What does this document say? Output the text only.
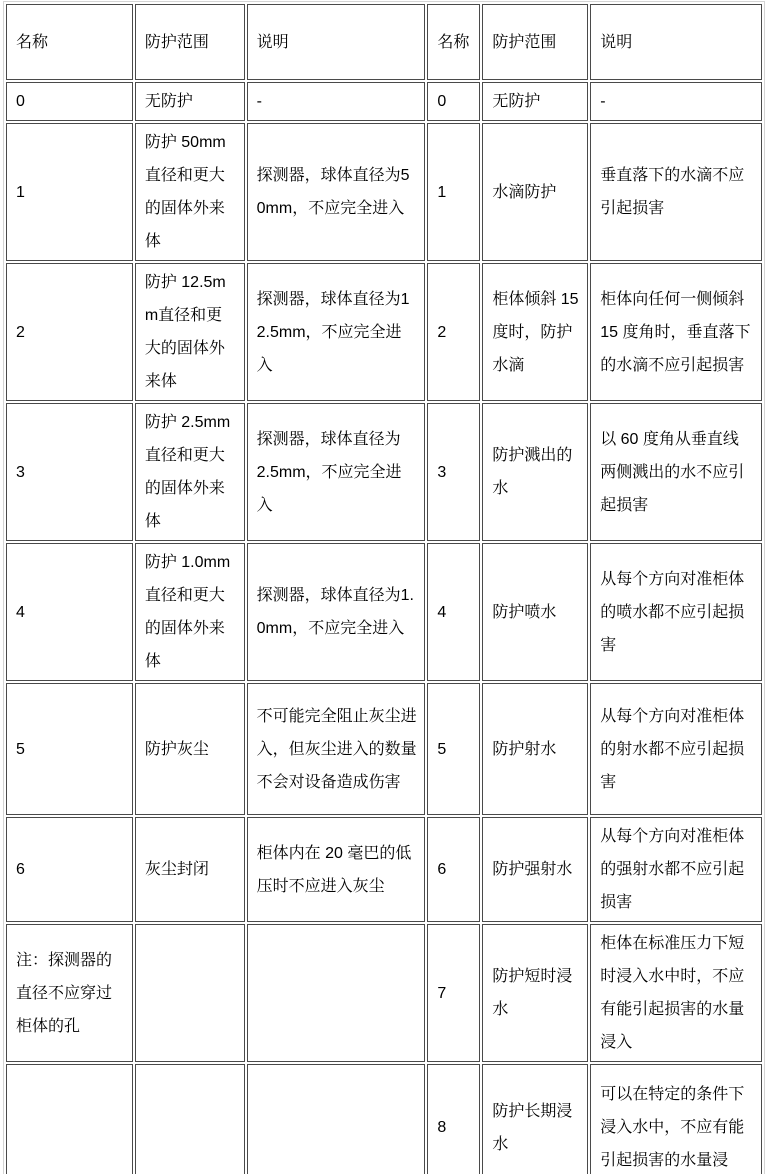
名称	防护范围	说明	名称	防护范围	说明
0	无防护	-	0	无防护	-
1	防护 50mm直径和更大的固体外来体	探测器，球体直径为50mm，不应完全进入	1	水滴防护	垂直落下的水滴不应引起损害
2	防护 12.5mm直径和更大的固体外来体	探测器，球体直径为12.5mm，不应完全进入	2	柜体倾斜 15 度时，防护水滴	柜体向任何一侧倾斜 15 度角时，垂直落下的水滴不应引起损害
3	防护 2.5mm直径和更大的固体外来体	探测器，球体直径为 2.5mm，不应完全进入	3	防护溅出的水	以 60 度角从垂直线两侧溅出的水不应引起损害
4	防护 1.0mm直径和更大的固体外来体	探测器，球体直径为1.0mm，不应完全进入	4	防护喷水	从每个方向对准柜体的喷水都不应引起损害
5	防护灰尘	不可能完全阻止灰尘进入，但灰尘进入的数量不会对设备造成伤害	5	防护射水	从每个方向对准柜体的射水都不应引起损害
6	灰尘封闭	柜体内在 20 毫巴的低压时不应进入灰尘	6	防护强射水	从每个方向对准柜体的强射水都不应引起损害
注：探测器的直径不应穿过柜体的孔			7	防护短时浸水	柜体在标准压力下短时浸入水中时，不应有能引起损害的水量浸入
			8	防护长期浸水	可以在特定的条件下浸入水中，不应有能引起损害的水量浸
